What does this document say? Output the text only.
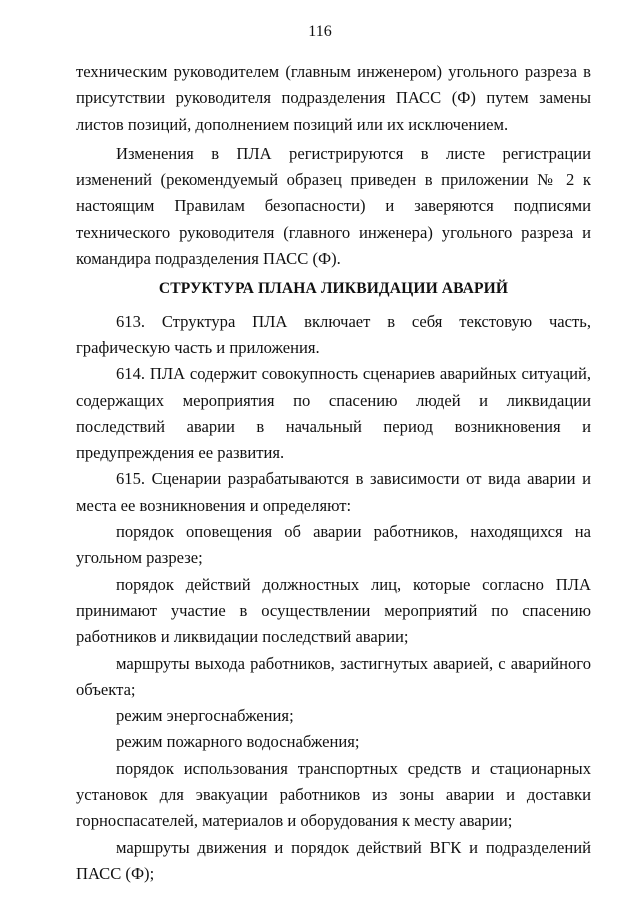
116

техническим руководителем (главным инженером) угольного разреза в присутствии руководителя подразделения ПАСС (Ф) путем замены листов позиций, дополнением позиций или их исключением.

Изменения в ПЛА регистрируются в листе регистрации изменений (рекомендуемый образец приведен в приложении № 2 к настоящим Правилам безопасности) и заверяются подписями технического руководителя (главного инженера) угольного разреза и командира подразделения ПАСС (Ф).

СТРУКТУРА ПЛАНА ЛИКВИДАЦИИ АВАРИЙ

613. Структура ПЛА включает в себя текстовую часть, графическую часть и приложения.

614. ПЛА содержит совокупность сценариев аварийных ситуаций, содержащих мероприятия по спасению людей и ликвидации последствий аварии в начальный период возникновения и предупреждения ее развития.

615. Сценарии разрабатываются в зависимости от вида аварии и места ее возникновения и определяют:

порядок оповещения об аварии работников, находящихся на угольном разрезе;

порядок действий должностных лиц, которые согласно ПЛА принимают участие в осуществлении мероприятий по спасению работников и ликвидации последствий аварии;

маршруты выхода работников, застигнутых аварией, с аварийного объекта;

режим энергоснабжения;

режим пожарного водоснабжения;

порядок использования транспортных средств и стационарных установок для эвакуации работников из зоны аварии и доставки горноспасателей, материалов и оборудования к месту аварии;

маршруты движения и порядок действий ВГК и подразделений ПАСС (Ф);
